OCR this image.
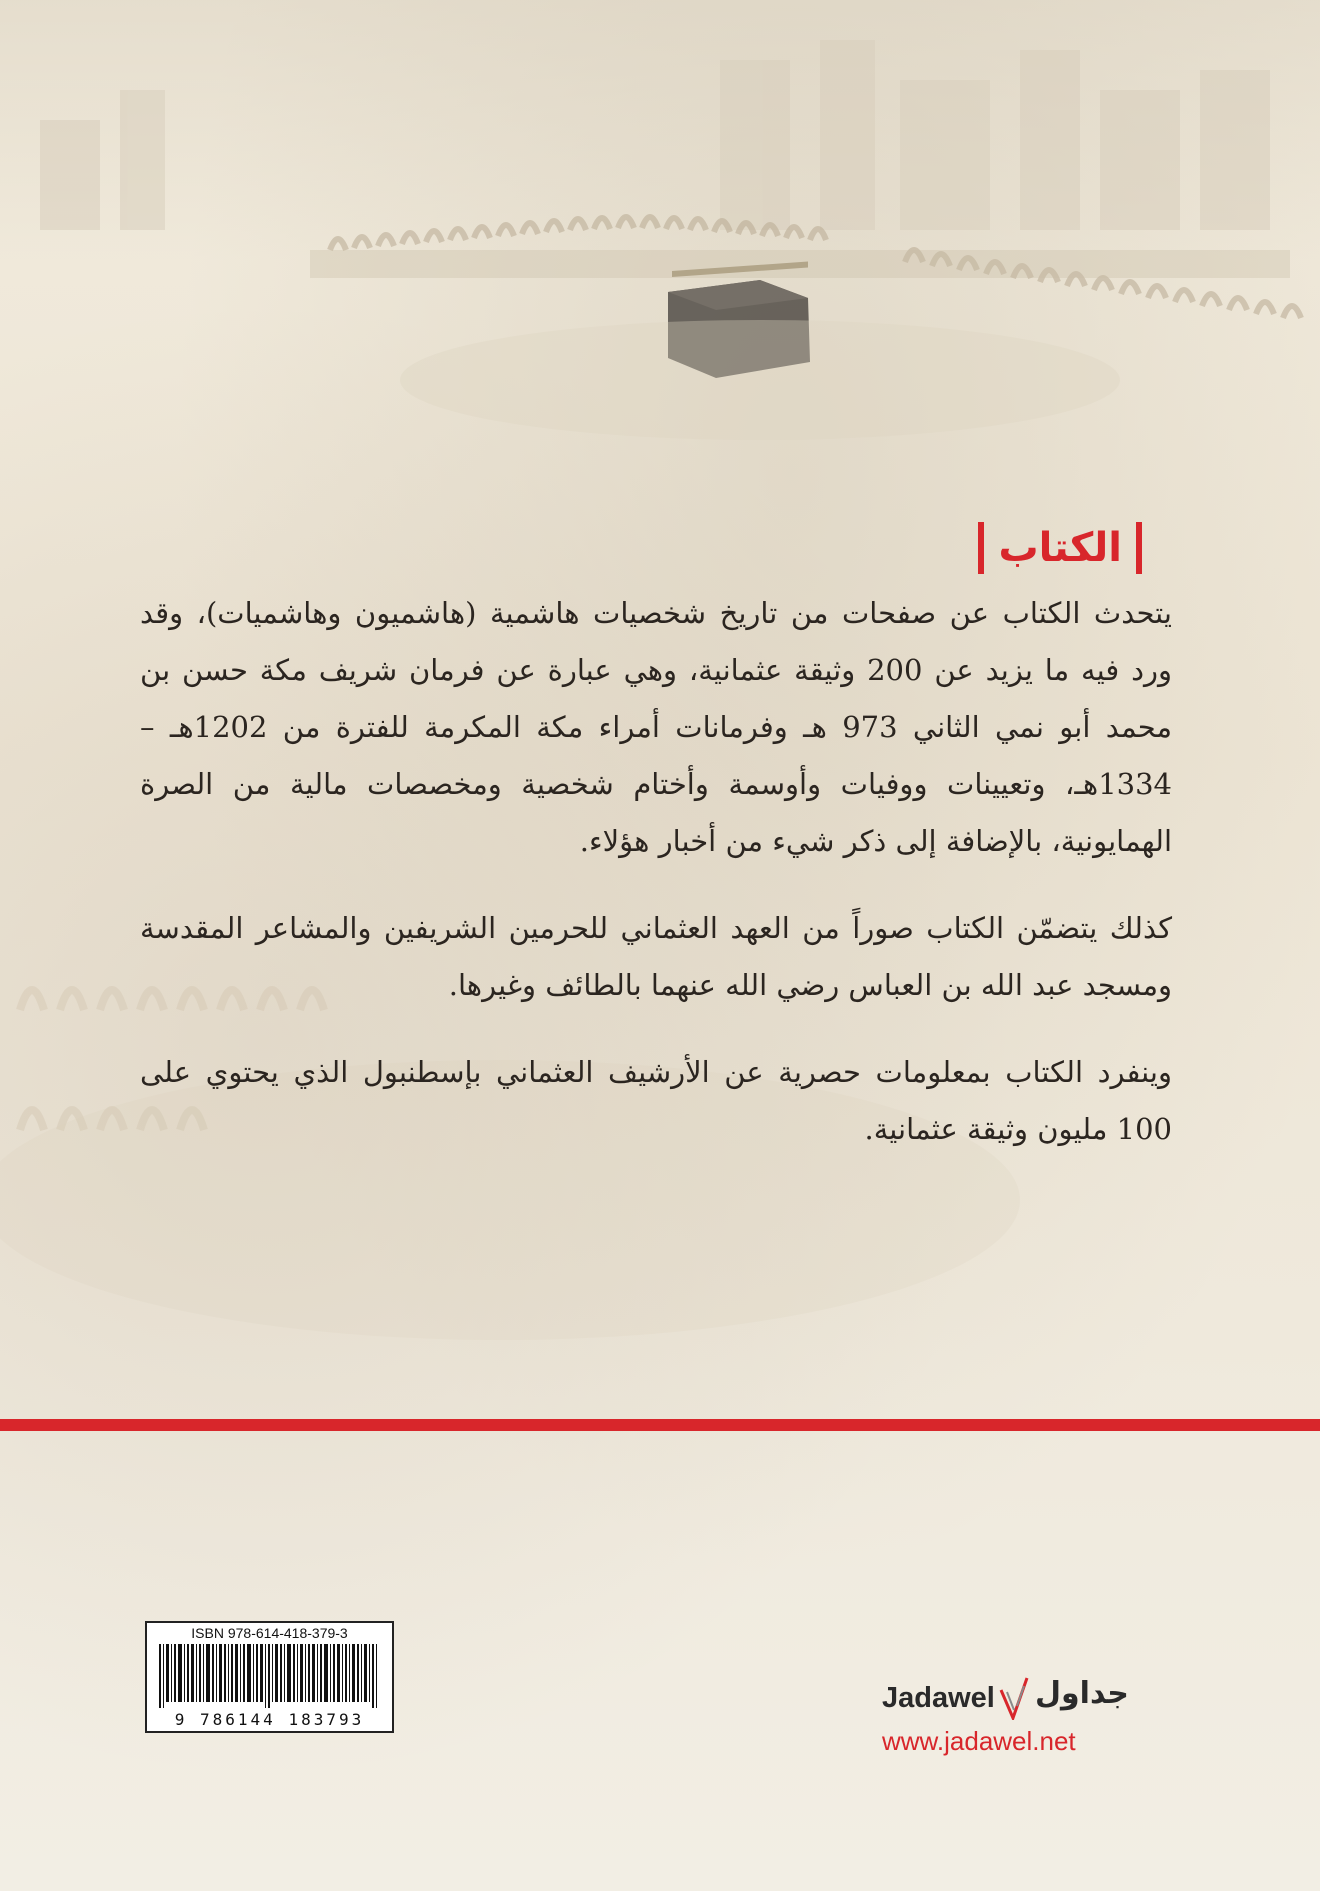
الكتاب

يتحدث الكتاب عن صفحات من تاريخ شخصيات هاشمية (هاشميون وهاشميات)، وقد ورد فيه ما يزيد عن 200 وثيقة عثمانية، وهي عبارة عن فرمان شريف مكة حسن بن محمد أبو نمي الثاني 973 هـ وفرمانات أمراء مكة المكرمة للفترة من 1202هـ – 1334هـ، وتعيينات ووفيات وأوسمة وأختام شخصية ومخصصات مالية من الصرة الهمايونية، بالإضافة إلى ذكر شيء من أخبار هؤلاء.

كذلك يتضمّن الكتاب صوراً من العهد العثماني للحرمين الشريفين والمشاعر المقدسة ومسجد عبد الله بن العباس رضي الله عنهما بالطائف وغيرها.

وينفرد الكتاب بمعلومات حصرية عن الأرشيف العثماني بإسطنبول الذي يحتوي على 100 مليون وثيقة عثمانية.

ISBN 978-614-418-379-3
9 786144 183793
Jadawel جداول
www.jadawel.net
